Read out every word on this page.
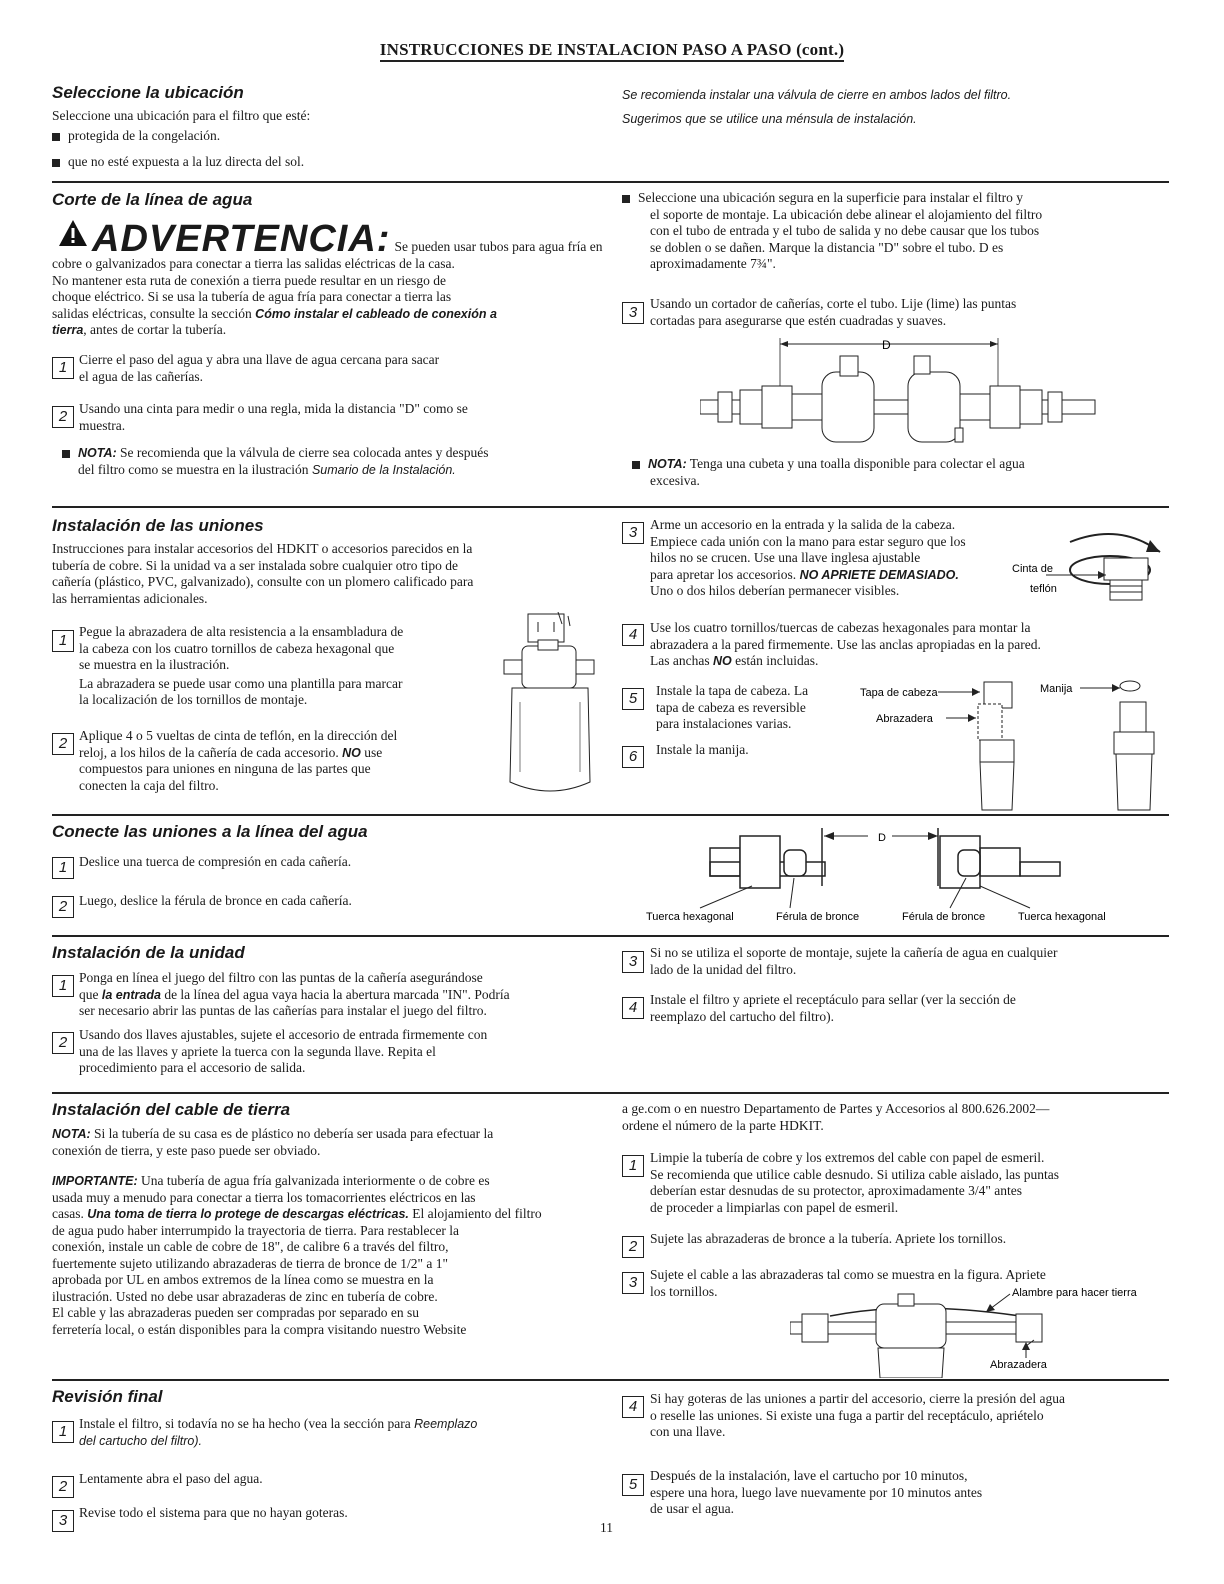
INSTRUCCIONES DE INSTALACION PASO A PASO (cont.)
Seleccione la ubicación
Seleccione una ubicación para el filtro que esté:
protegida de la congelación.
que no esté expuesta a la luz directa del sol.
Se recomienda instalar una válvula de cierre en ambos lados del filtro.
Sugerimos que se utilice una ménsula de instalación.
Corte de la línea de agua
ADVERTENCIA: Se pueden usar tubos para agua fría en
cobre o galvanizados para conectar a tierra las salidas eléctricas de la casa.
No mantener esta ruta de conexión a tierra puede resultar en un riesgo de
choque eléctrico. Si se usa la tubería de agua fría para conectar a tierra las
salidas eléctricas, consulte la sección Cómo instalar el cableado de conexión a
tierra, antes de cortar la tubería.
1 Cierre el paso del agua y abra una llave de agua cercana para sacar
el agua de las cañerías.
2 Usando una cinta para medir o una regla, mida la distancia "D" como se
muestra.
NOTA: Se recomienda que la válvula de cierre sea colocada antes y después
del filtro como se muestra en la ilustración Sumario de la Instalación.
Seleccione una ubicación segura en la superficie para instalar el filtro y
el soporte de montaje. La ubicación debe alinear el alojamiento del filtro
con el tubo de entrada y el tubo de salida y no debe causar que los tubos
se doblen o se dañen. Marque la distancia "D" sobre el tubo. D es
aproximadamente 7¾".
3
Usando un cortador de cañerías, corte el tubo. Lije (lime) las puntas
cortadas para asegurarse que estén cuadradas y suaves.
D
NOTA: Tenga una cubeta y una toalla disponible para colectar el agua
excesiva.
Instalación de las uniones
Instrucciones para instalar accesorios del HDKIT o accesorios parecidos en la
tubería de cobre. Si la unidad va a ser instalada sobre cualquier otro tipo de
cañería (plástico, PVC, galvanizado), consulte con un plomero calificado para
las herramientas adicionales.
1
Pegue la abrazadera de alta resistencia a la ensambladura de
la cabeza con los cuatro tornillos de cabeza hexagonal que
se muestra en la ilustración.
La abrazadera se puede usar como una plantilla para marcar
la localización de los tornillos de montaje.
2 Aplique 4 o 5 vueltas de cinta de teflón, en la dirección del
reloj, a los hilos de la cañería de cada accesorio. NO use
compuestos para uniones en ninguna de las partes que
conecten la caja del filtro.
3 Arme un accesorio en la entrada y la salida de la cabeza.
Empiece cada unión con la mano para estar seguro que los
hilos no se crucen. Use una llave inglesa ajustable
para apretar los accesorios. NO APRIETE DEMASIADO.
Uno o dos hilos deberían permanecer visibles.
Cinta de
teflón
4 Use los cuatro tornillos/tuercas de cabezas hexagonales para montar la
abrazadera a la pared firmemente. Use las anclas apropiadas en la pared.
Las anchas NO están incluidas.
5	Instale la tapa de cabeza. La
tapa de cabeza es reversible
para instalaciones varias.
6	Instale la manija.
Tapa de cabeza
Abrazadera
Manija
Conecte las uniones a la línea del agua
1 Deslice una tuerca de compresión en cada cañería.
2 Luego, deslice la férula de bronce en cada cañería.
D
Tuerca hexagonal	Férula de bronce	Férula de bronce	Tuerca hexagonal
Instalación de la unidad
1 Ponga en línea el juego del filtro con las puntas de la cañería asegurándose
que la entrada de la línea del agua vaya hacia la abertura marcada "IN". Podría
ser necesario abrir las puntas de las cañerías para instalar el juego del filtro.
2 Usando dos llaves ajustables, sujete el accesorio de entrada firmemente con
una de las llaves y apriete la tuerca con la segunda llave. Repita el
procedimiento para el accesorio de salida.
3
Si no se utiliza el soporte de montaje, sujete la cañería de agua en cualquier
lado de la unidad del filtro.
4 Instale el filtro y apriete el receptáculo para sellar (ver la sección de
reemplazo del cartucho del filtro).
Instalación del cable de tierra
NOTA: Si la tubería de su casa es de plástico no debería ser usada para efectuar la
conexión de tierra, y este paso puede ser obviado.
IMPORTANTE: Una tubería de agua fría galvanizada interiormente o de cobre es
usada muy a menudo para conectar a tierra los tomacorrientes eléctricos en las
casas. Una toma de tierra lo protege de descargas eléctricas. El alojamiento del filtro
de agua pudo haber interrumpido la trayectoria de tierra. Para restablecer la
conexión, instale un cable de cobre de 18", de calibre 6 a través del filtro,
fuertemente sujeto utilizando abrazaderas de tierra de bronce de 1/2" a 1"
aprobada por UL en ambos extremos de la línea como se muestra en la
ilustración. Usted no debe usar abrazaderas de zinc en tubería de cobre.
El cable y las abrazaderas pueden ser compradas por separado en su
ferretería local, o están disponibles para la compra visitando nuestro Website
a ge.com o en nuestro Departamento de Partes y Accesorios al 800.626.2002—
ordene el número de la parte HDKIT.
1 Limpie la tubería de cobre y los extremos del cable con papel de esmeril.
Se recomienda que utilice cable desnudo. Si utiliza cable aislado, las puntas
deberían estar desnudas de su protector, aproximadamente 3/4" antes
de proceder a limpiarlas con papel de esmeril.
2 Sujete las abrazaderas de bronce a la tubería. Apriete los tornillos.
3 Sujete el cable a las abrazaderas tal como se muestra en la figura. Apriete
los tornillos.	Alambre para hacer tierra
Abrazadera
Revisión final
1 Instale el filtro, si todavía no se ha hecho (vea la sección para Reemplazo
del cartucho del filtro).
2 Lentamente abra el paso del agua.
3 Revise todo el sistema para que no hayan goteras.
11
4 Si hay goteras de las uniones a partir del accesorio, cierre la presión del agua
o reselle las uniones. Si existe una fuga a partir del receptáculo, apriételo
con una llave.
5
Después de la instalación, lave el cartucho por 10 minutos,
espere una hora, luego lave nuevamente por 10 minutos antes
de usar el agua.
